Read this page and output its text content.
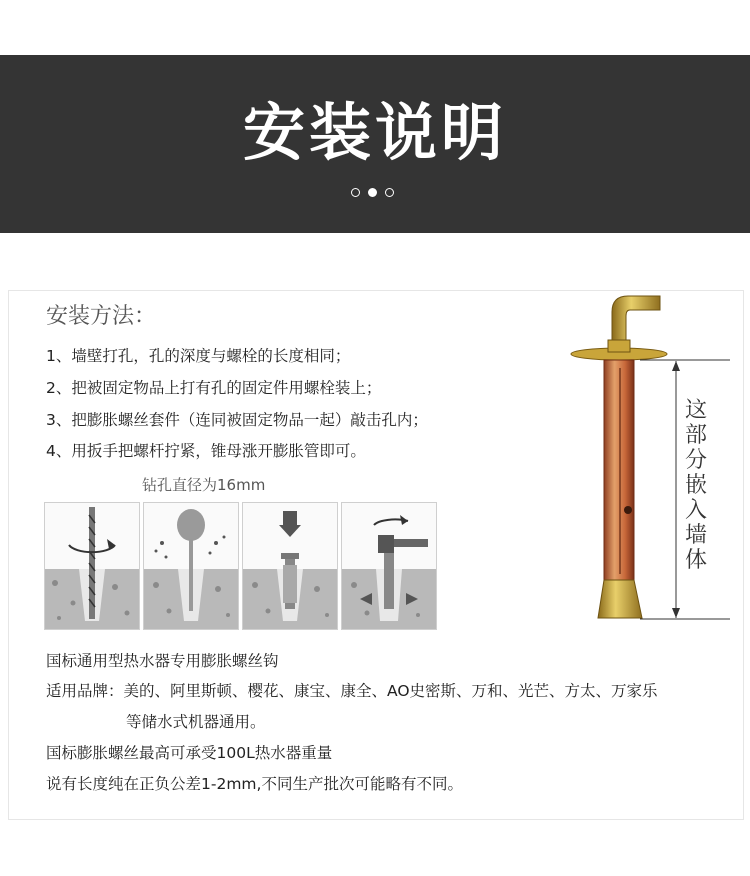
安装说明
安装方法：
1、墙壁打孔，孔的深度与螺栓的长度相同；
2、把被固定物品上打有孔的固定件用螺栓装上；
3、把膨胀螺丝套件（连同被固定物品一起）敲击孔内；
4、用扳手把螺杆拧紧，锥母涨开膨胀管即可。
钻孔直径为16mm
这
部
分
嵌
入
墙
体
国标通用型热水器专用膨胀螺丝钩
适用品牌：美的、阿里斯顿、樱花、康宝、康全、AO史密斯、万和、光芒、方太、万家乐
等储水式机器通用。
国标膨胀螺丝最高可承受100L热水器重量
说有长度纯在正负公差1-2mm,不同生产批次可能略有不同。
